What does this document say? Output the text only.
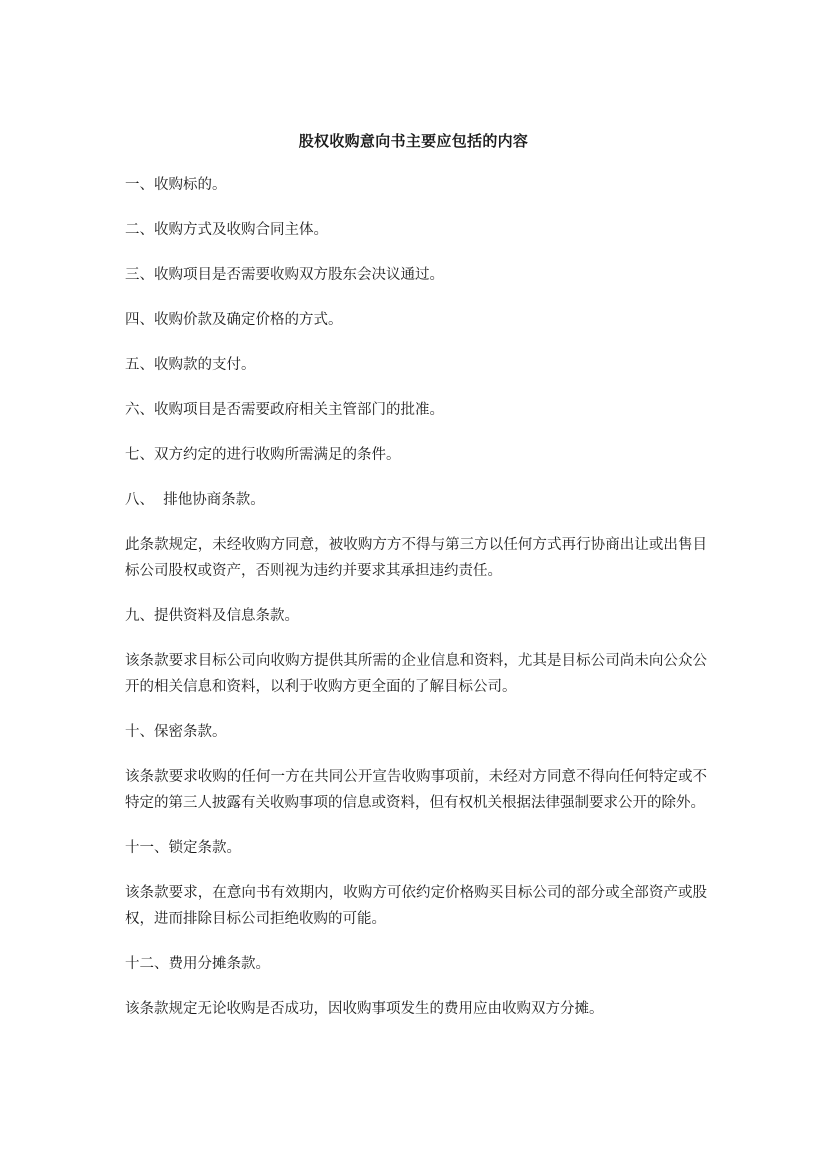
股权收购意向书主要应包括的内容

一、收购标的。

二、收购方式及收购合同主体。

三、收购项目是否需要收购双方股东会决议通过。

四、收购价款及确定价格的方式。

五、收购款的支付。

六、收购项目是否需要政府相关主管部门的批准。

七、双方约定的进行收购所需满足的条件。

八、  排他协商条款。

此条款规定，未经收购方同意，被收购方方不得与第三方以任何方式再行协商出让或出售目标公司股权或资产，否则视为违约并要求其承担违约责任。

九、提供资料及信息条款。

该条款要求目标公司向收购方提供其所需的企业信息和资料，尤其是目标公司尚未向公众公开的相关信息和资料，以利于收购方更全面的了解目标公司。

十、保密条款。

该条款要求收购的任何一方在共同公开宣告收购事项前，未经对方同意不得向任何特定或不特定的第三人披露有关收购事项的信息或资料，但有权机关根据法律强制要求公开的除外。

十一、锁定条款。

该条款要求，在意向书有效期内，收购方可依约定价格购买目标公司的部分或全部资产或股权，进而排除目标公司拒绝收购的可能。

十二、费用分摊条款。

该条款规定无论收购是否成功，因收购事项发生的费用应由收购双方分摊。
